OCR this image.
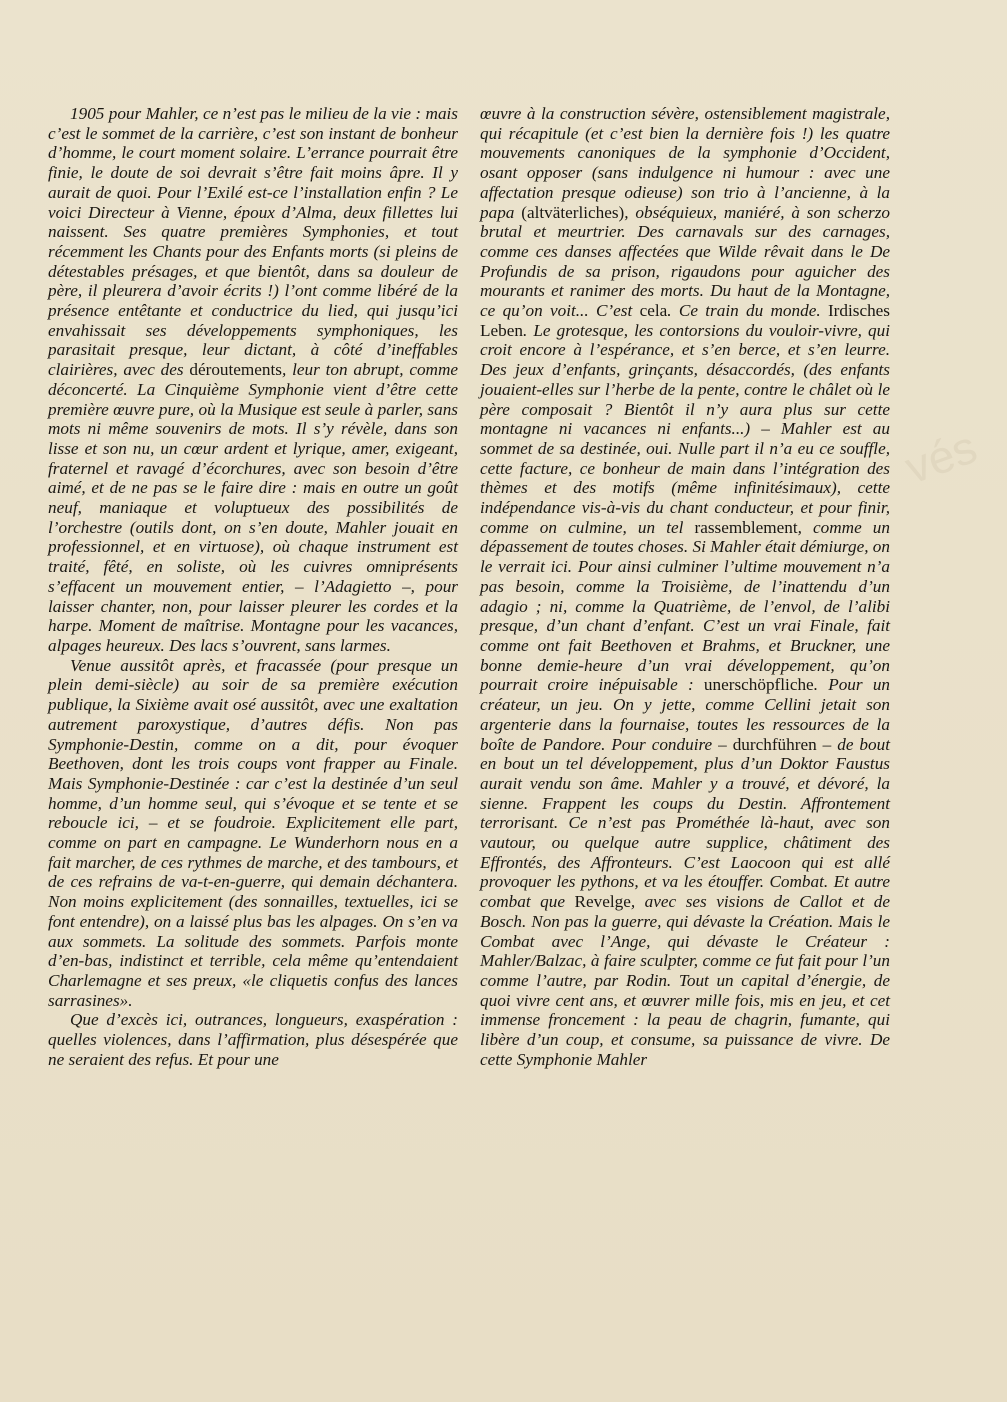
vés

1905 pour Mahler, ce n’est pas le milieu de la vie : mais c’est le sommet de la carrière, c’est son instant de bonheur d’homme, le court moment solaire. L’errance pourrait être finie, le doute de soi devrait s’être fait moins âpre. Il y aurait de quoi. Pour l’Exilé est-ce l’installation enfin ? Le voici Directeur à Vienne, époux d’Alma, deux fillettes lui naissent. Ses quatre premières Symphonies, et tout récemment les Chants pour des Enfants morts (si pleins de détestables présages, et que bientôt, dans sa douleur de père, il pleurera d’avoir écrits !) l’ont comme libéré de la présence entêtante et conductrice du lied, qui jusqu’ici envahissait ses développements symphoniques, les parasitait presque, leur dictant, à côté d’ineffables clairières, avec des déroutements, leur ton abrupt, comme déconcerté. La Cinquième Symphonie vient d’être cette première œuvre pure, où la Musique est seule à parler, sans mots ni même souvenirs de mots. Il s’y révèle, dans son lisse et son nu, un cœur ardent et lyrique, amer, exigeant, fraternel et ravagé d’écorchures, avec son besoin d’être aimé, et de ne pas se le faire dire : mais en outre un goût neuf, maniaque et voluptueux des possibilités de l’orchestre (outils dont, on s’en doute, Mahler jouait en professionnel, et en virtuose), où chaque instrument est traité, fêté, en soliste, où les cuivres omniprésents s’effacent un mouvement entier, – l’Adagietto –, pour laisser chanter, non, pour laisser pleurer les cordes et la harpe. Moment de maîtrise. Montagne pour les vacances, alpages heureux. Des lacs s’ouvrent, sans larmes.

Venue aussitôt après, et fracassée (pour presque un plein demi-siècle) au soir de sa première exécution publique, la Sixième avait osé aussitôt, avec une exaltation autrement paroxystique, d’autres défis. Non pas Symphonie-Destin, comme on a dit, pour évoquer Beethoven, dont les trois coups vont frapper au Finale. Mais Symphonie-Destinée : car c’est la destinée d’un seul homme, d’un homme seul, qui s’évoque et se tente et se reboucle ici, – et se foudroie. Explicitement elle part, comme on part en campagne. Le Wunderhorn nous en a fait marcher, de ces rythmes de marche, et des tambours, et de ces refrains de va-t-en-guerre, qui demain déchantera. Non moins explicitement (des sonnailles, textuelles, ici se font entendre), on a laissé plus bas les alpages. On s’en va aux sommets. La solitude des sommets. Parfois monte d’en-bas, indistinct et terrible, cela même qu’entendaient Charlemagne et ses preux, «le cliquetis confus des lances sarrasines».

Que d’excès ici, outrances, longueurs, exaspération : quelles violences, dans l’affirmation, plus désespérée que ne seraient des refus. Et pour une

œuvre à la construction sévère, ostensiblement magistrale, qui récapitule (et c’est bien la dernière fois !) les quatre mouvements canoniques de la symphonie d’Occident, osant opposer (sans indulgence ni humour : avec une affectation presque odieuse) son trio à l’ancienne, à la papa (altväterliches), obséquieux, maniéré, à son scherzo brutal et meurtrier. Des carnavals sur des carnages, comme ces danses affectées que Wilde rêvait dans le De Profundis de sa prison, rigaudons pour aguicher des mourants et ranimer des morts. Du haut de la Montagne, ce qu’on voit... C’est cela. Ce train du monde. Irdisches Leben. Le grotesque, les contorsions du vouloir-vivre, qui croit encore à l’espérance, et s’en berce, et s’en leurre. Des jeux d’enfants, grinçants, désaccordés, (des enfants jouaient-elles sur l’herbe de la pente, contre le châlet où le père composait ? Bientôt il n’y aura plus sur cette montagne ni vacances ni enfants...) – Mahler est au sommet de sa destinée, oui. Nulle part il n’a eu ce souffle, cette facture, ce bonheur de main dans l’intégration des thèmes et des motifs (même infinitésimaux), cette indépendance vis-à-vis du chant conducteur, et pour finir, comme on culmine, un tel rassemblement, comme un dépassement de toutes choses. Si Mahler était démiurge, on le verrait ici. Pour ainsi culminer l’ultime mouvement n’a pas besoin, comme la Troisième, de l’inattendu d’un adagio ; ni, comme la Quatrième, de l’envol, de l’alibi presque, d’un chant d’enfant. C’est un vrai Finale, fait comme ont fait Beethoven et Brahms, et Bruckner, une bonne demie-heure d’un vrai développement, qu’on pourrait croire inépuisable : unerschöpfliche. Pour un créateur, un jeu. On y jette, comme Cellini jetait son argenterie dans la fournaise, toutes les ressources de la boîte de Pandore. Pour conduire – durchführen – de bout en bout un tel développement, plus d’un Doktor Faustus aurait vendu son âme. Mahler y a trouvé, et dévoré, la sienne. Frappent les coups du Destin. Affrontement terrorisant. Ce n’est pas Prométhée là-haut, avec son vautour, ou quelque autre supplice, châtiment des Effrontés, des Affronteurs. C’est Laocoon qui est allé provoquer les pythons, et va les étouffer. Combat. Et autre combat que Revelge, avec ses visions de Callot et de Bosch. Non pas la guerre, qui dévaste la Création. Mais le Combat avec l’Ange, qui dévaste le Créateur : Mahler/Balzac, à faire sculpter, comme ce fut fait pour l’un comme l’autre, par Rodin. Tout un capital d’énergie, de quoi vivre cent ans, et œuvrer mille fois, mis en jeu, et cet immense froncement : la peau de chagrin, fumante, qui libère d’un coup, et consume, sa puissance de vivre. De cette Symphonie Mahler
